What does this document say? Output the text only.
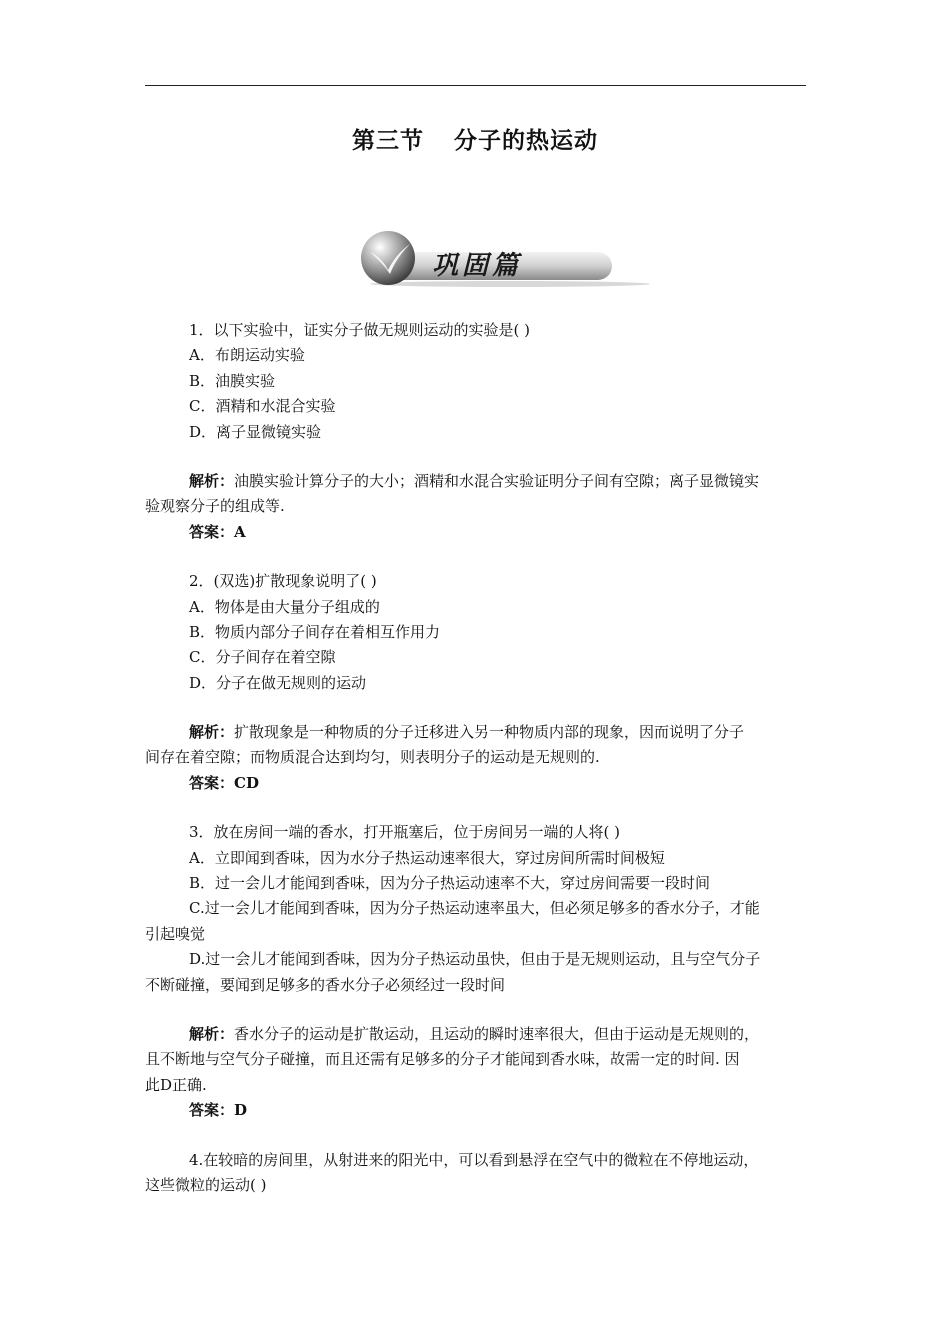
第三节 分子的热运动
巩固篇
1．以下实验中，证实分子做无规则运动的实验是( )
A．布朗运动实验
B．油膜实验
C．酒精和水混合实验
D．离子显微镜实验
解析：油膜实验计算分子的大小；酒精和水混合实验证明分子间有空隙；离子显微镜实
验观察分子的组成等.
答案：A
2．(双选)扩散现象说明了( )
A．物体是由大量分子组成的
B．物质内部分子间存在着相互作用力
C．分子间存在着空隙
D．分子在做无规则的运动
解析：扩散现象是一种物质的分子迁移进入另一种物质内部的现象，因而说明了分子
间存在着空隙；而物质混合达到均匀，则表明分子的运动是无规则的.
答案：CD
3．放在房间一端的香水，打开瓶塞后，位于房间另一端的人将( )
A．立即闻到香味，因为水分子热运动速率很大，穿过房间所需时间极短
B．过一会儿才能闻到香味，因为分子热运动速率不大，穿过房间需要一段时间
C.过一会儿才能闻到香味，因为分子热运动速率虽大，但必须足够多的香水分子，才能
引起嗅觉
D.过一会儿才能闻到香味，因为分子热运动虽快，但由于是无规则运动，且与空气分子
不断碰撞，要闻到足够多的香水分子必须经过一段时间
解析：香水分子的运动是扩散运动，且运动的瞬时速率很大，但由于运动是无规则的，
且不断地与空气分子碰撞，而且还需有足够多的分子才能闻到香水味，故需一定的时间. 因
此D正确.
答案：D
4.在较暗的房间里，从射进来的阳光中，可以看到悬浮在空气中的微粒在不停地运动，
这些微粒的运动( )
